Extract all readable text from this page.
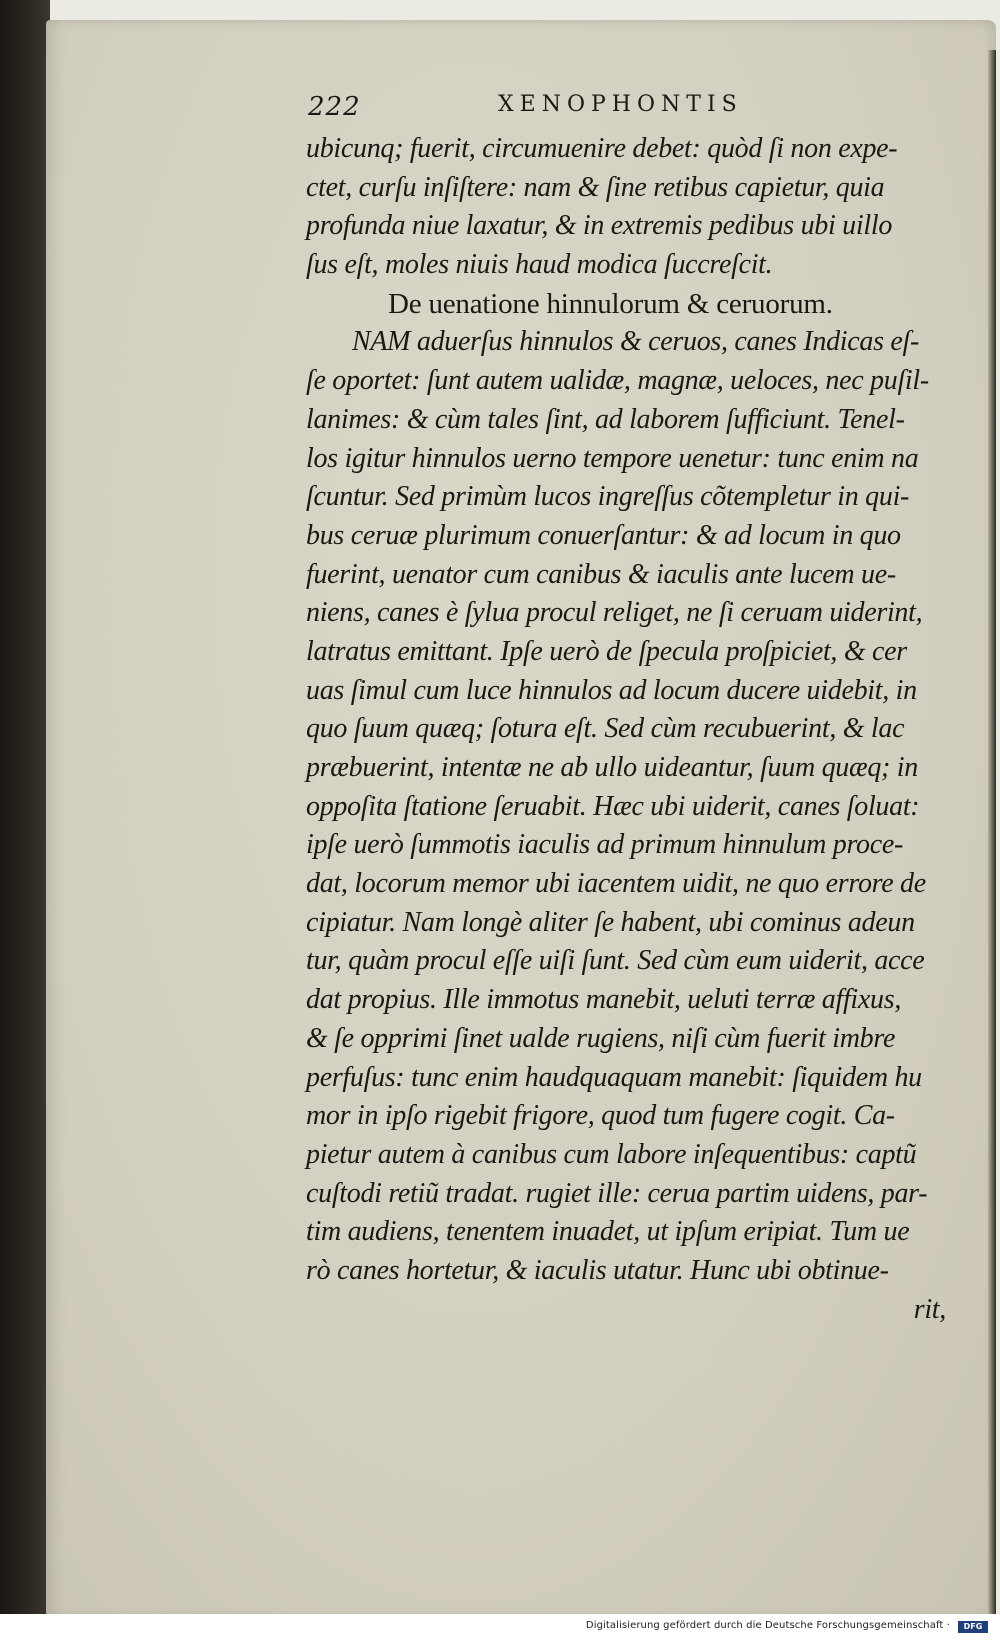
222	XENOPHONTIS
ubicunq; fuerit, circumuenire debet: quòd ſi non expe-
ctet, curſu inſiſtere: nam & ſine retibus capietur, quia
profunda niue laxatur, & in extremis pedibus ubi uillo
ſus eſt, moles niuis haud modica ſuccreſcit.
De uenatione hinnulorum & ceruorum.
NAM aduerſus hinnulos & ceruos, canes Indicas eſ-
ſe oportet: ſunt autem ualidæ, magnæ, ueloces, nec puſil-
lanimes: & cùm tales ſint, ad laborem ſufficiunt. Tenel-
los igitur hinnulos uerno tempore uenetur: tunc enim na
ſcuntur. Sed primùm lucos ingreſſus cõtempletur in qui-
bus ceruæ plurimum conuerſantur: & ad locum in quo
fuerint, uenator cum canibus & iaculis ante lucem ue-
niens, canes è ſylua procul religet, ne ſi ceruam uiderint,
latratus emittant. Ipſe uerò de ſpecula proſpiciet, & cer
uas ſimul cum luce hinnulos ad locum ducere uidebit, in
quo ſuum quæq; ſotura eſt. Sed cùm recubuerint, & lac
præbuerint, intentæ ne ab ullo uideantur, ſuum quæq; in
oppoſita ſtatione ſeruabit. Hæc ubi uiderit, canes ſoluat:
ipſe uerò ſummotis iaculis ad primum hinnulum proce-
dat, locorum memor ubi iacentem uidit, ne quo errore de
cipiatur. Nam longè aliter ſe habent, ubi cominus adeun
tur, quàm procul eſſe uiſi ſunt. Sed cùm eum uiderit, acce
dat propius. Ille immotus manebit, ueluti terræ affixus,
& ſe opprimi ſinet ualde rugiens, niſi cùm fuerit imbre
perfuſus: tunc enim haudquaquam manebit: ſiquidem hu
mor in ipſo rigebit frigore, quod tum fugere cogit. Ca-
pietur autem à canibus cum labore inſequentibus: captũ
cuſtodi retiũ tradat. rugiet ille: cerua partim uidens, par-
tim audiens, tenentem inuadet, ut ipſum eripiat. Tum ue
rò canes hortetur, & iaculis utatur. Hunc ubi obtinue-
rit,
Digitalisierung gefördert durch die Deutsche Forschungsgemeinschaft ·	DFG
